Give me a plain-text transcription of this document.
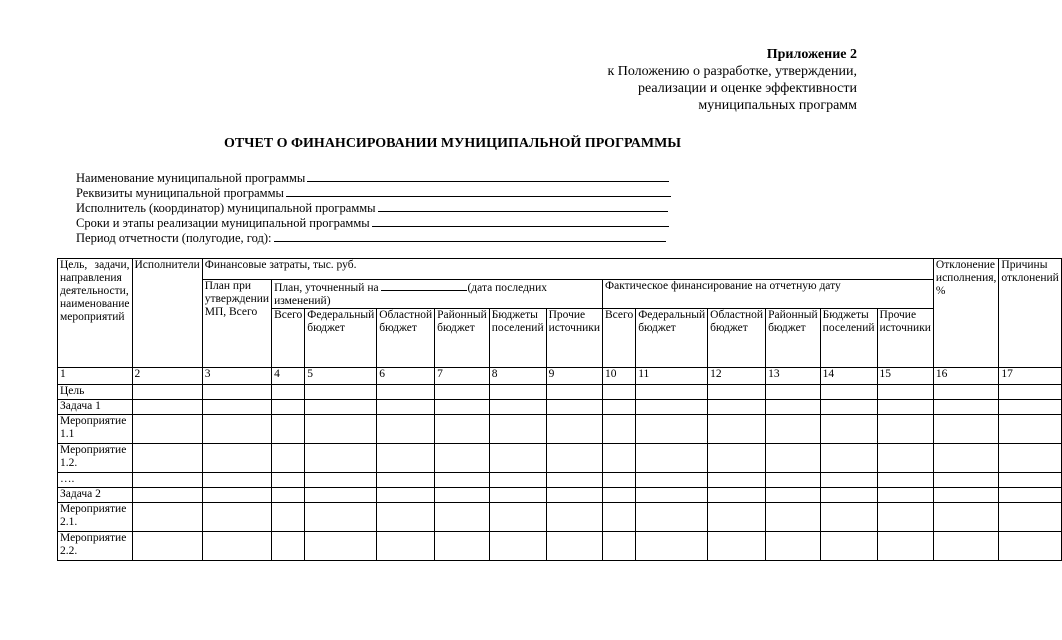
Приложение 2
к Положению о разработке, утверждении,
реализации и оценке эффективности
муниципальных программ
ОТЧЕТ О ФИНАНСИРОВАНИИ МУНИЦИПАЛЬНОЙ ПРОГРАММЫ
Наименование муниципальной программы
Реквизиты муниципальной программы
Исполнитель (координатор) муниципальной программы
Сроки и этапы реализации муниципальной программы
Период отчетности (полугодие, год):
Цель, задачи, направления деятельности, наименование мероприятий	Исполнители	Финансовые затраты, тыс. руб.													Отклонение исполнения, %	Причины отклонений
		План при утверждении МП, Всего	План, уточненный на (дата последних изменений)						Фактическое финансирование на отчетную дату							
			Всего	Федеральный бюджет	Областной бюджет	Районный бюджет	Бюджеты поселений	Прочие источники	Всего	Федеральный бюджет	Областной бюджет	Районный бюджет	Бюджеты поселений	Прочие источники		
1	2	3	4	5	6	7	8	9	10	11	12	13	14	15	16	17
Цель																
Задача 1																
Мероприятие 1.1																
Мероприятие 1.2.																
….																
Задача 2																
Мероприятие 2.1.																
Мероприятие 2.2.																
